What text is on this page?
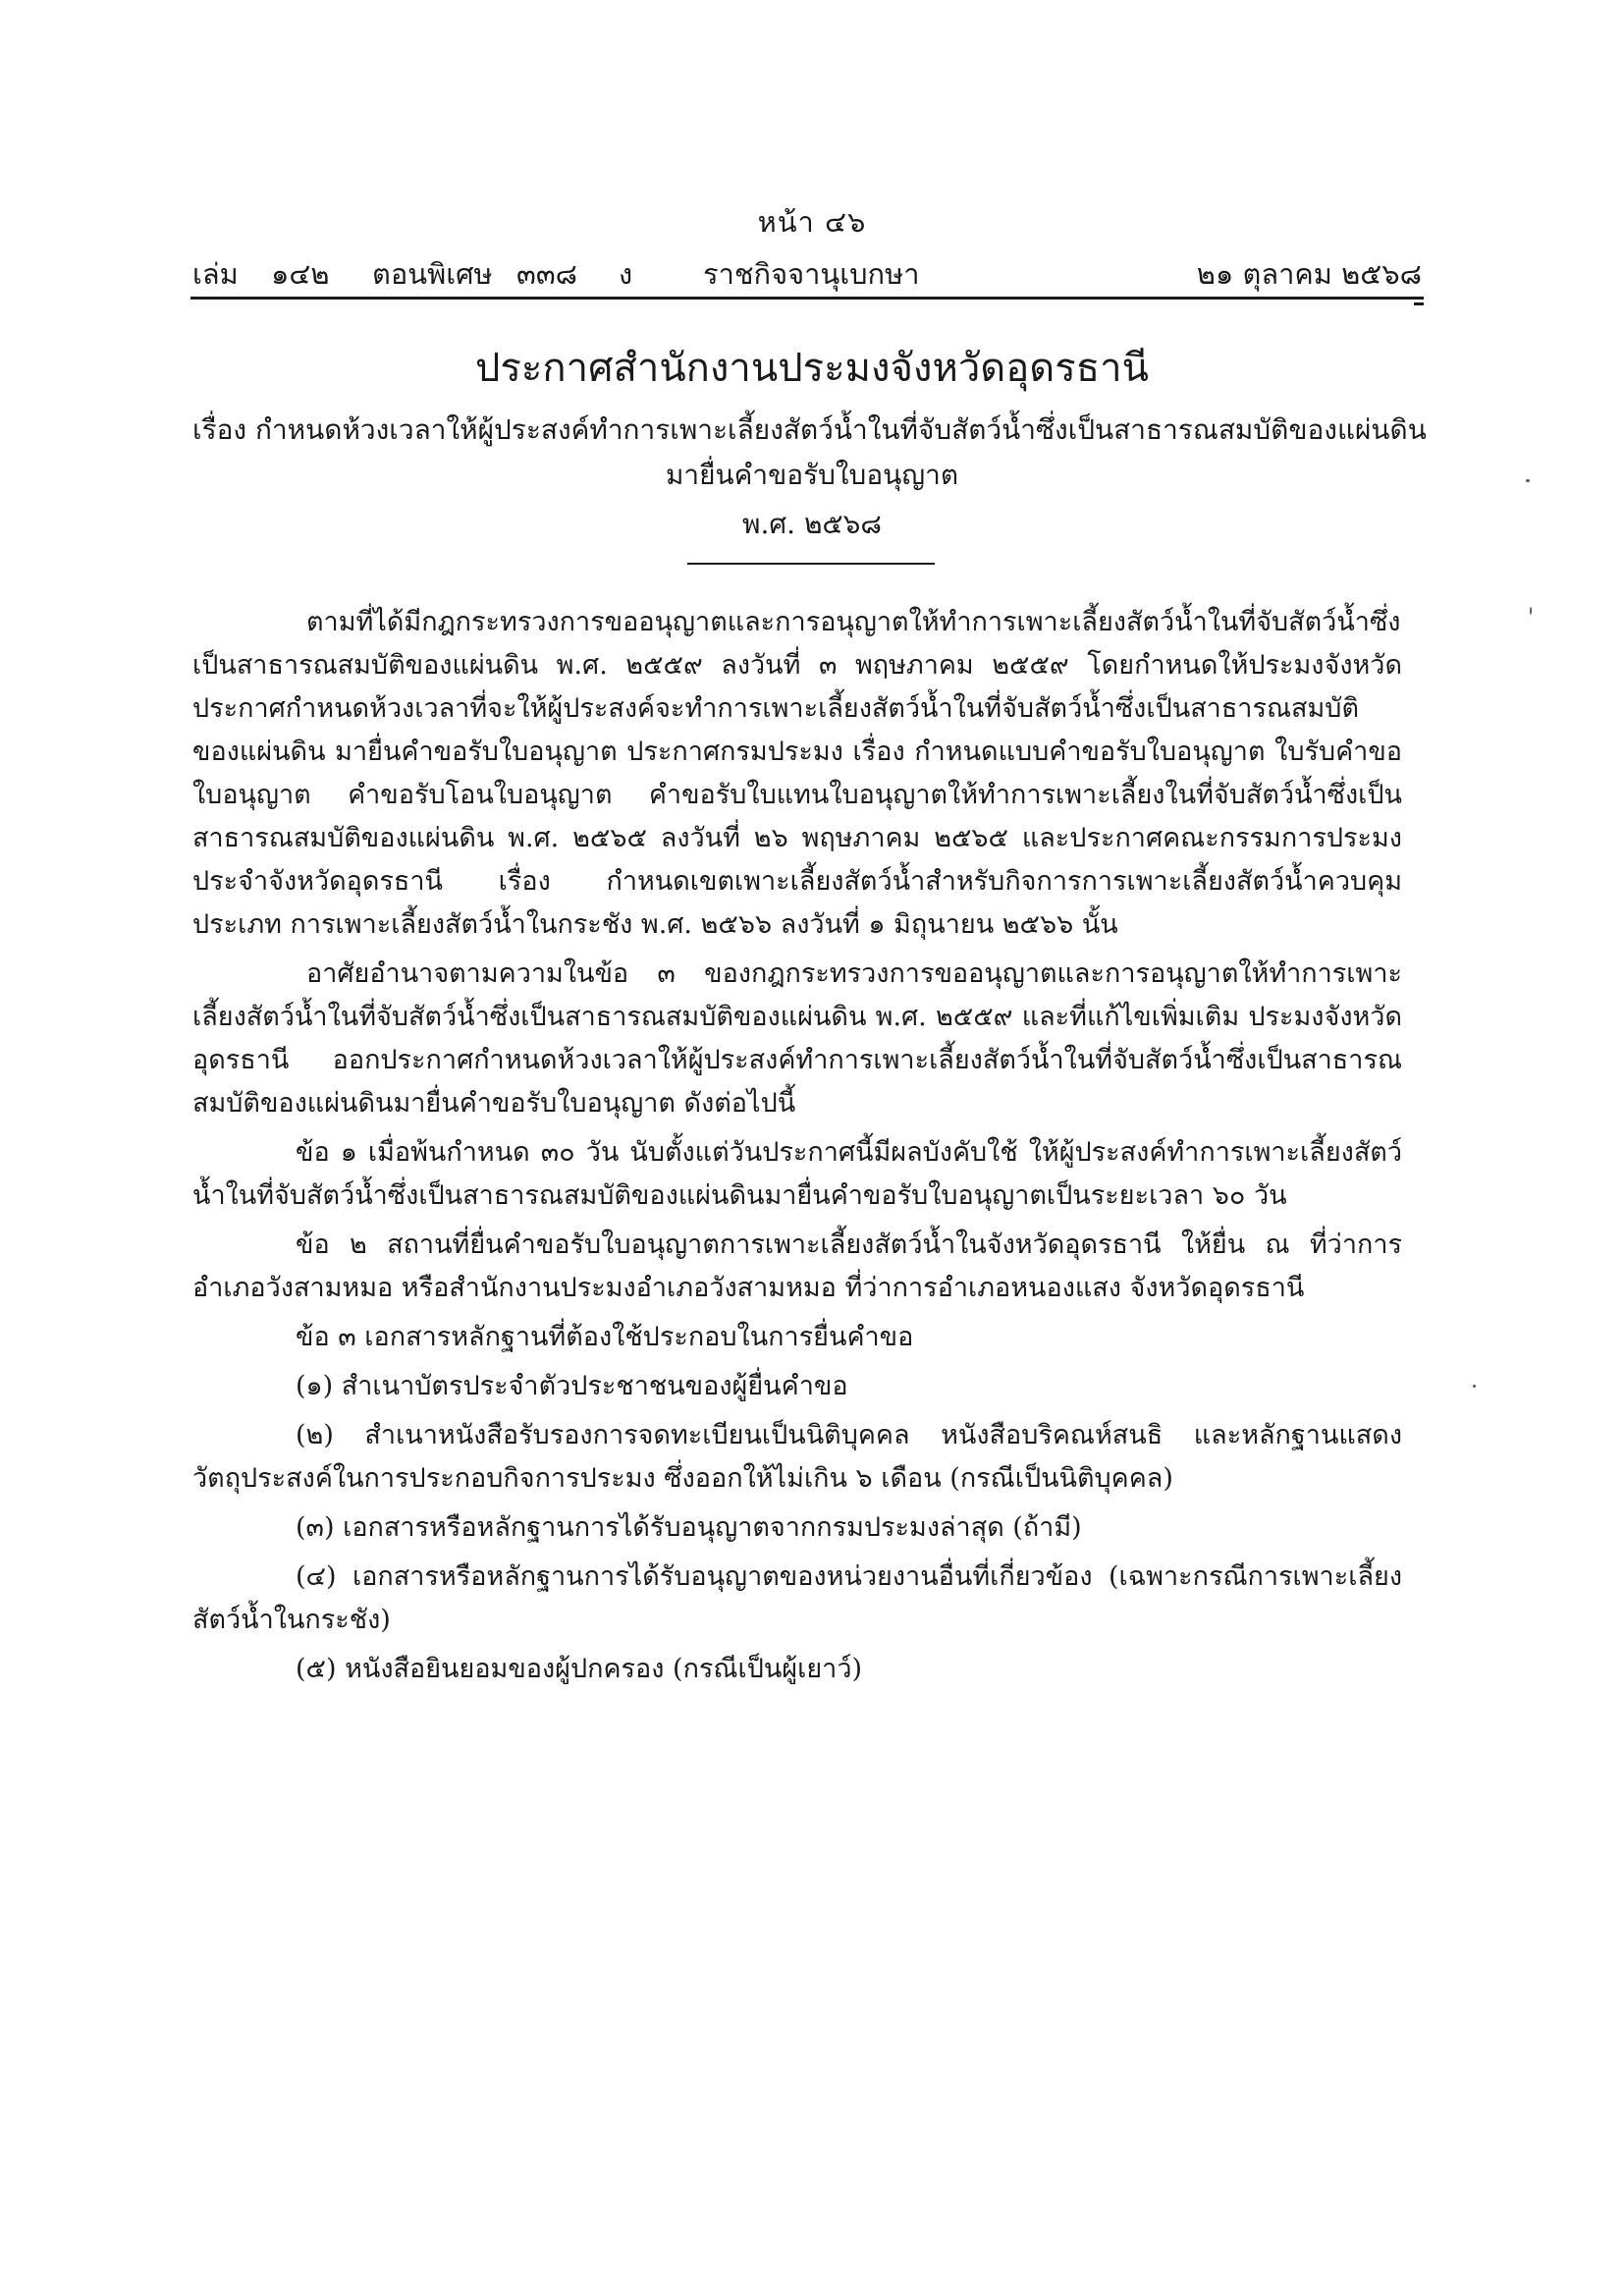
หน้า ๔๖
เล่ม ๑๔๒ ตอนพิเศษ ๓๓๘ ง ราชกิจจานุเบกษา	๒๑ ตุลาคม ๒๕๖๘
ประกาศสำนักงานประมงจังหวัดอุดรธานี
เรื่อง กำหนดห้วงเวลาให้ผู้ประสงค์ทำการเพาะเลี้ยงสัตว์น้ำในที่จับสัตว์น้ำซึ่งเป็นสาธารณสมบัติของแผ่นดิน
มายื่นคำขอรับใบอนุญาต
พ.ศ. ๒๕๖๘

ตามที่ได้มีกฎกระทรวงการขออนุญาตและการอนุญาตให้ทำการเพาะเลี้ยงสัตว์น้ำในที่จับสัตว์น้ำซึ่งเป็นสาธารณสมบัติของแผ่นดิน พ.ศ. ๒๕๕๙ ลงวันที่ ๓ พฤษภาคม ๒๕๕๙ โดยกำหนดให้ประมงจังหวัดประกาศกำหนดห้วงเวลาที่จะให้ผู้ประสงค์จะทำการเพาะเลี้ยงสัตว์น้ำในที่จับสัตว์น้ำซึ่งเป็นสาธารณสมบัติของแผ่นดิน มายื่นคำขอรับใบอนุญาต ประกาศกรมประมง เรื่อง กำหนดแบบคำขอรับใบอนุญาต ใบรับคำขอ ใบอนุญาต คำขอรับโอนใบอนุญาต คำขอรับใบแทนใบอนุญาตให้ทำการเพาะเลี้ยงในที่จับสัตว์น้ำซึ่งเป็นสาธารณสมบัติของแผ่นดิน พ.ศ. ๒๕๖๕ ลงวันที่ ๒๖ พฤษภาคม ๒๕๖๕ และประกาศคณะกรรมการประมงประจำจังหวัดอุดรธานี เรื่อง กำหนดเขตเพาะเลี้ยงสัตว์น้ำสำหรับกิจการการเพาะเลี้ยงสัตว์น้ำควบคุม ประเภท การเพาะเลี้ยงสัตว์น้ำในกระชัง พ.ศ. ๒๕๖๖ ลงวันที่ ๑ มิถุนายน ๒๕๖๖ นั้น

อาศัยอำนาจตามความในข้อ ๓ ของกฎกระทรวงการขออนุญาตและการอนุญาตให้ทำการเพาะเลี้ยงสัตว์น้ำในที่จับสัตว์น้ำซึ่งเป็นสาธารณสมบัติของแผ่นดิน พ.ศ. ๒๕๕๙ และที่แก้ไขเพิ่มเติม ประมงจังหวัดอุดรธานี ออกประกาศกำหนดห้วงเวลาให้ผู้ประสงค์ทำการเพาะเลี้ยงสัตว์น้ำในที่จับสัตว์น้ำซึ่งเป็นสาธารณสมบัติของแผ่นดินมายื่นคำขอรับใบอนุญาต ดังต่อไปนี้

ข้อ ๑ เมื่อพ้นกำหนด ๓๐ วัน นับตั้งแต่วันประกาศนี้มีผลบังคับใช้ ให้ผู้ประสงค์ทำการเพาะเลี้ยงสัตว์น้ำในที่จับสัตว์น้ำซึ่งเป็นสาธารณสมบัติของแผ่นดินมายื่นคำขอรับใบอนุญาตเป็นระยะเวลา ๖๐ วัน

ข้อ ๒ สถานที่ยื่นคำขอรับใบอนุญาตการเพาะเลี้ยงสัตว์น้ำในจังหวัดอุดรธานี ให้ยื่น ณ ที่ว่าการอำเภอวังสามหมอ หรือสำนักงานประมงอำเภอวังสามหมอ ที่ว่าการอำเภอหนองแสง จังหวัดอุดรธานี

ข้อ ๓ เอกสารหลักฐานที่ต้องใช้ประกอบในการยื่นคำขอ

(๑) สำเนาบัตรประจำตัวประชาชนของผู้ยื่นคำขอ

(๒) สำเนาหนังสือรับรองการจดทะเบียนเป็นนิติบุคคล หนังสือบริคณห์สนธิ และหลักฐานแสดงวัตถุประสงค์ในการประกอบกิจการประมง ซึ่งออกให้ไม่เกิน ๖ เดือน (กรณีเป็นนิติบุคคล)

(๓) เอกสารหรือหลักฐานการได้รับอนุญาตจากกรมประมงล่าสุด (ถ้ามี)

(๔) เอกสารหรือหลักฐานการได้รับอนุญาตของหน่วยงานอื่นที่เกี่ยวข้อง (เฉพาะกรณีการเพาะเลี้ยงสัตว์น้ำในกระชัง)

(๕) หนังสือยินยอมของผู้ปกครอง (กรณีเป็นผู้เยาว์)
